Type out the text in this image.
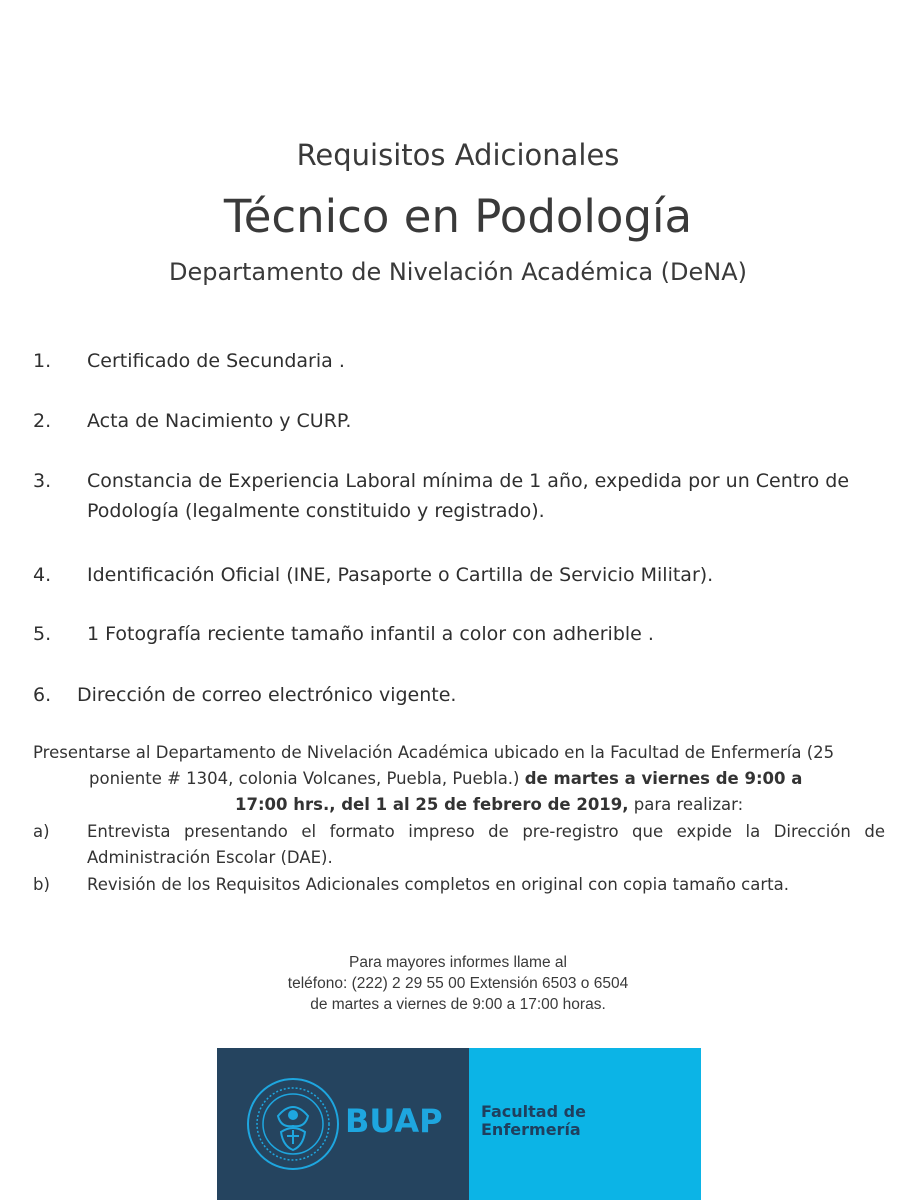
Requisitos Adicionales
Técnico en Podología
Departamento de Nivelación Académica (DeNA)
1. Certificado de Secundaria .
2. Acta de Nacimiento y CURP.
3. Constancia de Experiencia Laboral mínima de 1 año, expedida por un Centro de Podología (legalmente constituido y registrado).
4. Identificación Oficial (INE, Pasaporte o Cartilla de Servicio Militar).
5. 1 Fotografía reciente tamaño infantil a color con adherible .
6. Dirección de correo electrónico vigente.
Presentarse al Departamento de Nivelación Académica ubicado en la Facultad de Enfermería (25
poniente # 1304, colonia Volcanes, Puebla, Puebla.) de martes a viernes de 9:00 a
17:00 hrs., del 1 al 25 de febrero de 2019, para realizar:
a) Entrevista presentando el formato impreso de pre-registro que expide la Dirección de Administración Escolar (DAE).
b) Revisión de los Requisitos Adicionales completos en original con copia tamaño carta.
Para mayores informes llame al
teléfono: (222) 2 29 55 00 Extensión 6503 o 6504
de martes a viernes de 9:00 a 17:00 horas.
BUAP Facultad de
Enfermería
